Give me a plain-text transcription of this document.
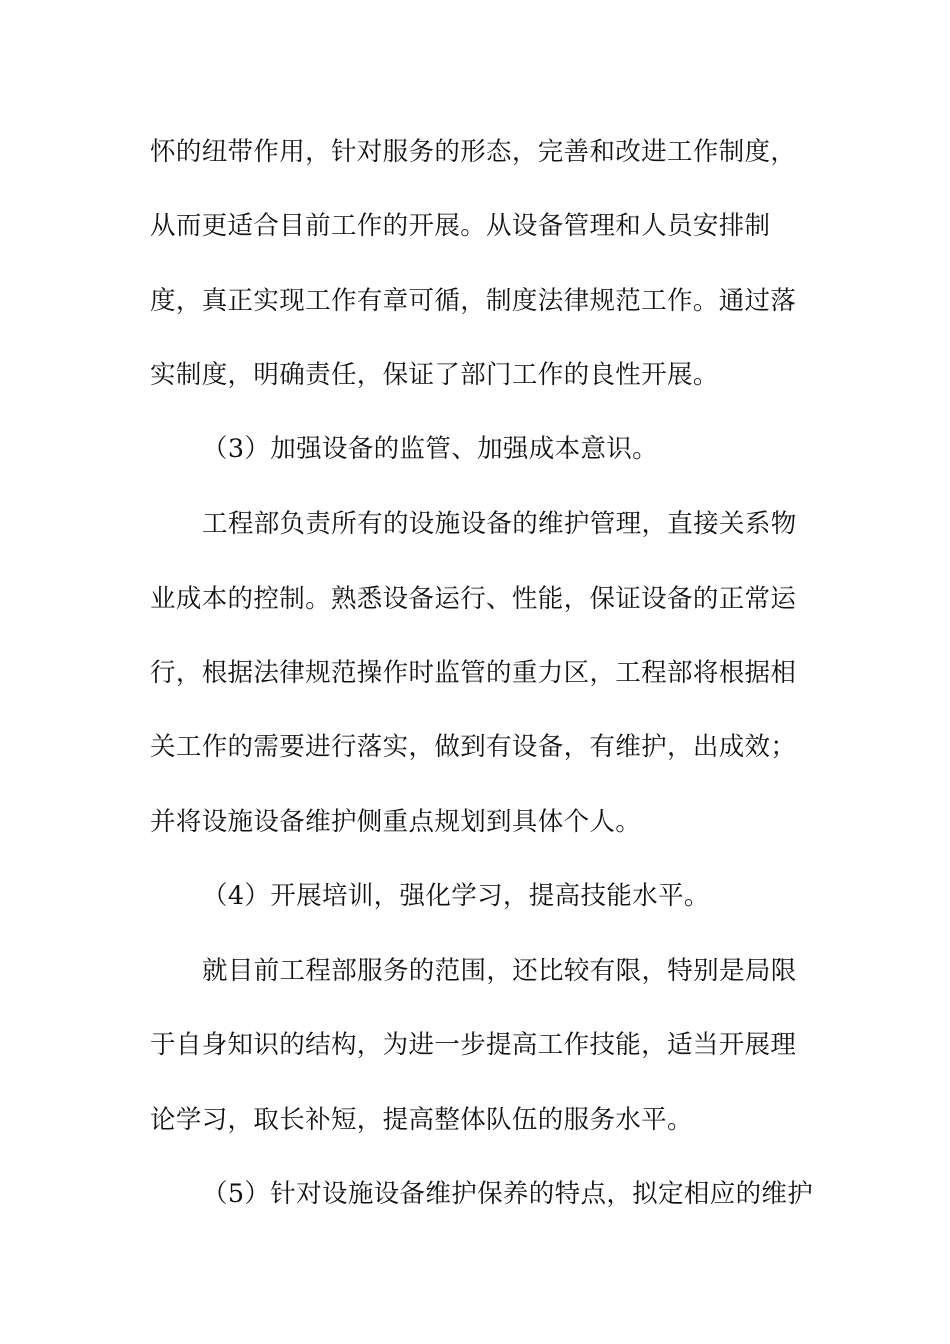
怀的纽带作用，针对服务的形态，完善和改进工作制度，

从而更适合目前工作的开展。从设备管理和人员安排制

度，真正实现工作有章可循，制度法律规范工作。通过落

实制度，明确责任，保证了部门工作的良性开展。

（3）加强设备的监管、加强成本意识。

工程部负责所有的设施设备的维护管理，直接关系物

业成本的控制。熟悉设备运行、性能，保证设备的正常运

行，根据法律规范操作时监管的重力区，工程部将根据相

关工作的需要进行落实，做到有设备，有维护，出成效；

并将设施设备维护侧重点规划到具体个人。

（4）开展培训，强化学习，提高技能水平。

就目前工程部服务的范围，还比较有限，特别是局限

于自身知识的结构，为进一步提高工作技能，适当开展理

论学习，取长补短，提高整体队伍的服务水平。

（5）针对设施设备维护保养的特点，拟定相应的维护
